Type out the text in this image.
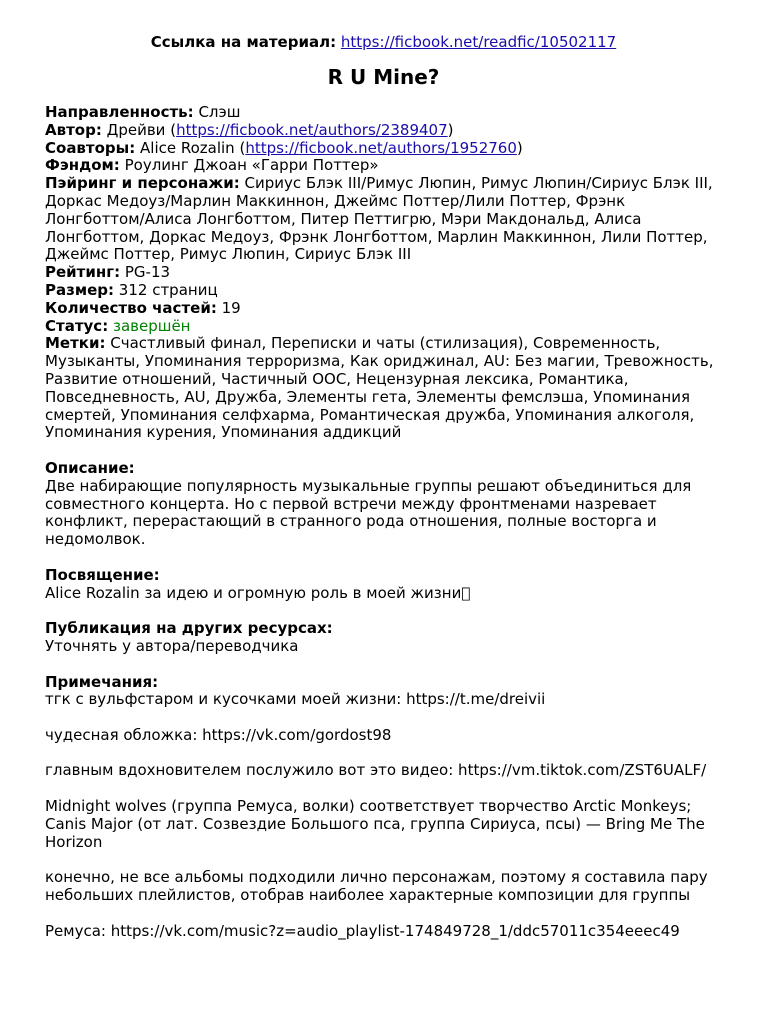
Ссылка на материал: https://ficbook.net/readfic/10502117
R U Mine?

Направленность: Слэш

Автор: Дрейви (https://ficbook.net/authors/2389407)

Соавторы: Alice Rozalin (https://ficbook.net/authors/1952760)

Фэндом: Роулинг Джоан «Гарри Поттер»

Пэйринг и персонажи: Сириус Блэк III/Римус Люпин, Римус Люпин/Сириус Блэк III, Доркас Медоуз/Марлин Маккиннон, Джеймс Поттер/Лили Поттер, Фрэнк Лонгботтом/Алиса Лонгботтом, Питер Петтигрю, Мэри Макдональд, Алиса Лонгботтом, Доркас Медоуз, Фрэнк Лонгботтом, Марлин Маккиннон, Лили Поттер, Джеймс Поттер, Римус Люпин, Сириус Блэк III

Рейтинг: PG-13

Размер: 312 страниц

Количество частей: 19

Статус: завершён

Метки: Счастливый финал, Переписки и чаты (стилизация), Современность, Музыканты, Упоминания терроризма, Как ориджинал, AU: Без магии, Тревожность, Развитие отношений, Частичный ООС, Нецензурная лексика, Романтика, Повседневность, AU, Дружба, Элементы гета, Элементы фемслэша, Упоминания смертей, Упоминания селфхарма, Романтическая дружба, Упоминания алкоголя, Упоминания курения, Упоминания аддикций

Описание:

Две набирающие популярность музыкальные группы решают объединиться для совместного концерта. Но с первой встречи между фронтменами назревает конфликт, перерастающий в странного рода отношения, полные восторга и недомолвок.

Посвящение:

Alice Rozalin за идею и огромную роль в моей жизни􏿾

Публикация на других ресурсах:

Уточнять у автора/переводчика

Примечания:

тгк с вульфстаром и кусочками моей жизни: https://t.me/dreivii

чудесная обложка: https://vk.com/gordost98

главным вдохновителем послужило вот это видео: https://vm.tiktok.com/ZST6UALF/

Midnight wolves (группа Ремуса, волки) соответствует творчество Arctic Monkeys; Canis Major (от лат. Созвездие Большого пса, группа Сириуса, псы) — Bring Me The Horizon

конечно, не все альбомы подходили лично персонажам, поэтому я составила пару небольших плейлистов, отобрав наиболее характерные композиции для группы

Ремуса: https://vk.com/music?z=audio_playlist-174849728_1/ddc57011c354eeec49
